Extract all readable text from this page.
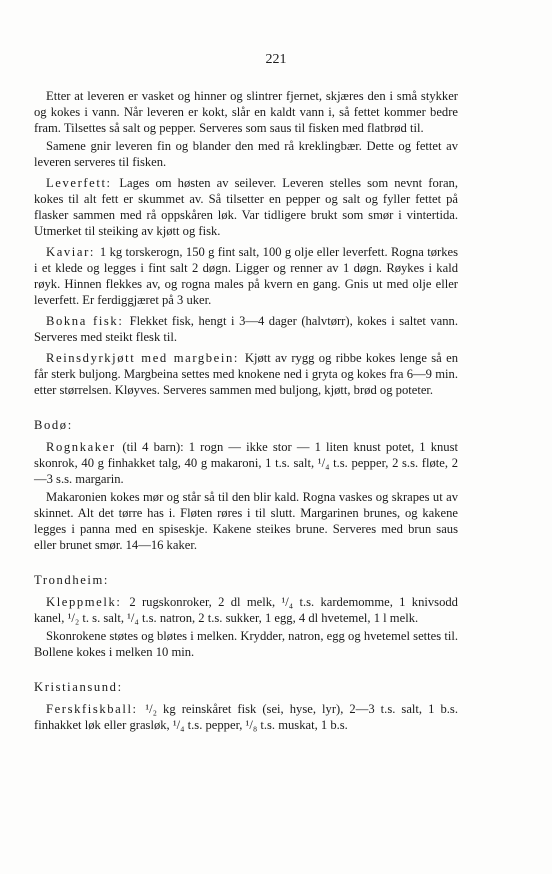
221

Etter at leveren er vasket og hinner og slintrer fjernet, skjæres den i små stykker og kokes i vann. Når leveren er kokt, slår en kaldt vann i, så fettet kommer bedre fram. Tilsettes så salt og pepper. Serveres som saus til fisken med flatbrød til.

Samene gnir leveren fin og blander den med rå kreklingbær. Dette og fettet av leveren serveres til fisken.

Leverfett: Lages om høsten av seilever. Leveren stelles som nevnt foran, kokes til alt fett er skummet av. Så tilsetter en pepper og salt og fyller fettet på flasker sammen med rå oppskåren løk. Var tidligere brukt som smør i vintertida. Utmerket til steiking av kjøtt og fisk.

Kaviar: 1 kg torskerogn, 150 g fint salt, 100 g olje eller leverfett. Rogna tørkes i et klede og legges i fint salt 2 døgn. Ligger og renner av 1 døgn. Røykes i kald røyk. Hinnen flekkes av, og rogna males på kvern en gang. Gnis ut med olje eller leverfett. Er ferdiggjæret på 3 uker.

Bokna fisk: Flekket fisk, hengt i 3—4 dager (halvtørr), kokes i saltet vann. Serveres med steikt flesk til.

Reinsdyrkjøtt med margbein: Kjøtt av rygg og ribbe kokes lenge så en får sterk buljong. Margbeina settes med knokene ned i gryta og kokes fra 6—9 min. etter størrelsen. Kløyves. Serveres sammen med buljong, kjøtt, brød og poteter.

Bodø:

Rognkaker (til 4 barn): 1 rogn — ikke stor — 1 liten knust potet, 1 knust skonrok, 40 g finhakket talg, 40 g makaroni, 1 t.s. salt, ¹/₄ t.s. pepper, 2 s.s. fløte, 2—3 s.s. margarin.

Makaronien kokes mør og står så til den blir kald. Rogna vaskes og skrapes ut av skinnet. Alt det tørre has i. Fløten røres i til slutt. Margarinen brunes, og kakene legges i panna med en spiseskje. Kakene steikes brune. Serveres med brun saus eller brunet smør. 14—16 kaker.

Trondheim:

Kleppmelk: 2 rugskonroker, 2 dl melk, ¹/₄ t.s. kardemomme, 1 knivsodd kanel, ¹/₂ t. s. salt, ¹/₄ t.s. natron, 2 t.s. sukker, 1 egg, 4 dl hvetemel, 1 l melk.

Skonrokene støtes og bløtes i melken. Krydder, natron, egg og hvetemel settes til. Bollene kokes i melken 10 min.

Kristiansund:

Ferskfiskball: ¹/₂ kg reinskåret fisk (sei, hyse, lyr), 2—3 t.s. salt, 1 b.s. finhakket løk eller grasløk, ¹/₄ t.s. pepper, ¹/₈ t.s. muskat, 1 b.s.
